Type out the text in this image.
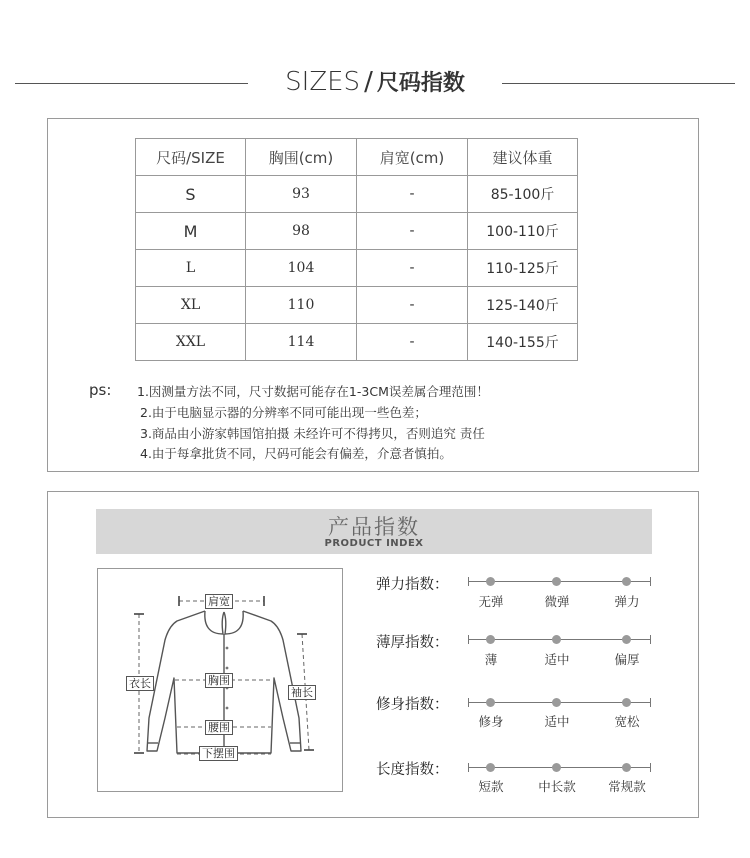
SIZES / 尺码指数
尺码/SIZE	胸围(cm)	肩宽(cm)	建议体重
S	93	-	85-100斤
M	98	-	100-110斤
L	104	-	110-125斤
XL	110	-	125-140斤
XXL	114	-	140-155斤
ps: 1.因测量方法不同，尺寸数据可能存在1-3CM误差属合理范围！
2.由于电脑显示器的分辨率不同可能出现一些色差；
3.商品由小游家韩国馆拍摄 未经许可不得拷贝，否则追究 责任
4.由于每拿批货不同，尺码可能会有偏差，介意者慎拍。
产品指数
PRODUCT INDEX
肩宽
衣长	胸围
袖长
腰围
下摆围
弹力指数：
无弹	微弹	弹力
薄厚指数：
薄	适中	偏厚
修身指数：
修身	适中	宽松
长度指数：
短款	中长款	常规款
